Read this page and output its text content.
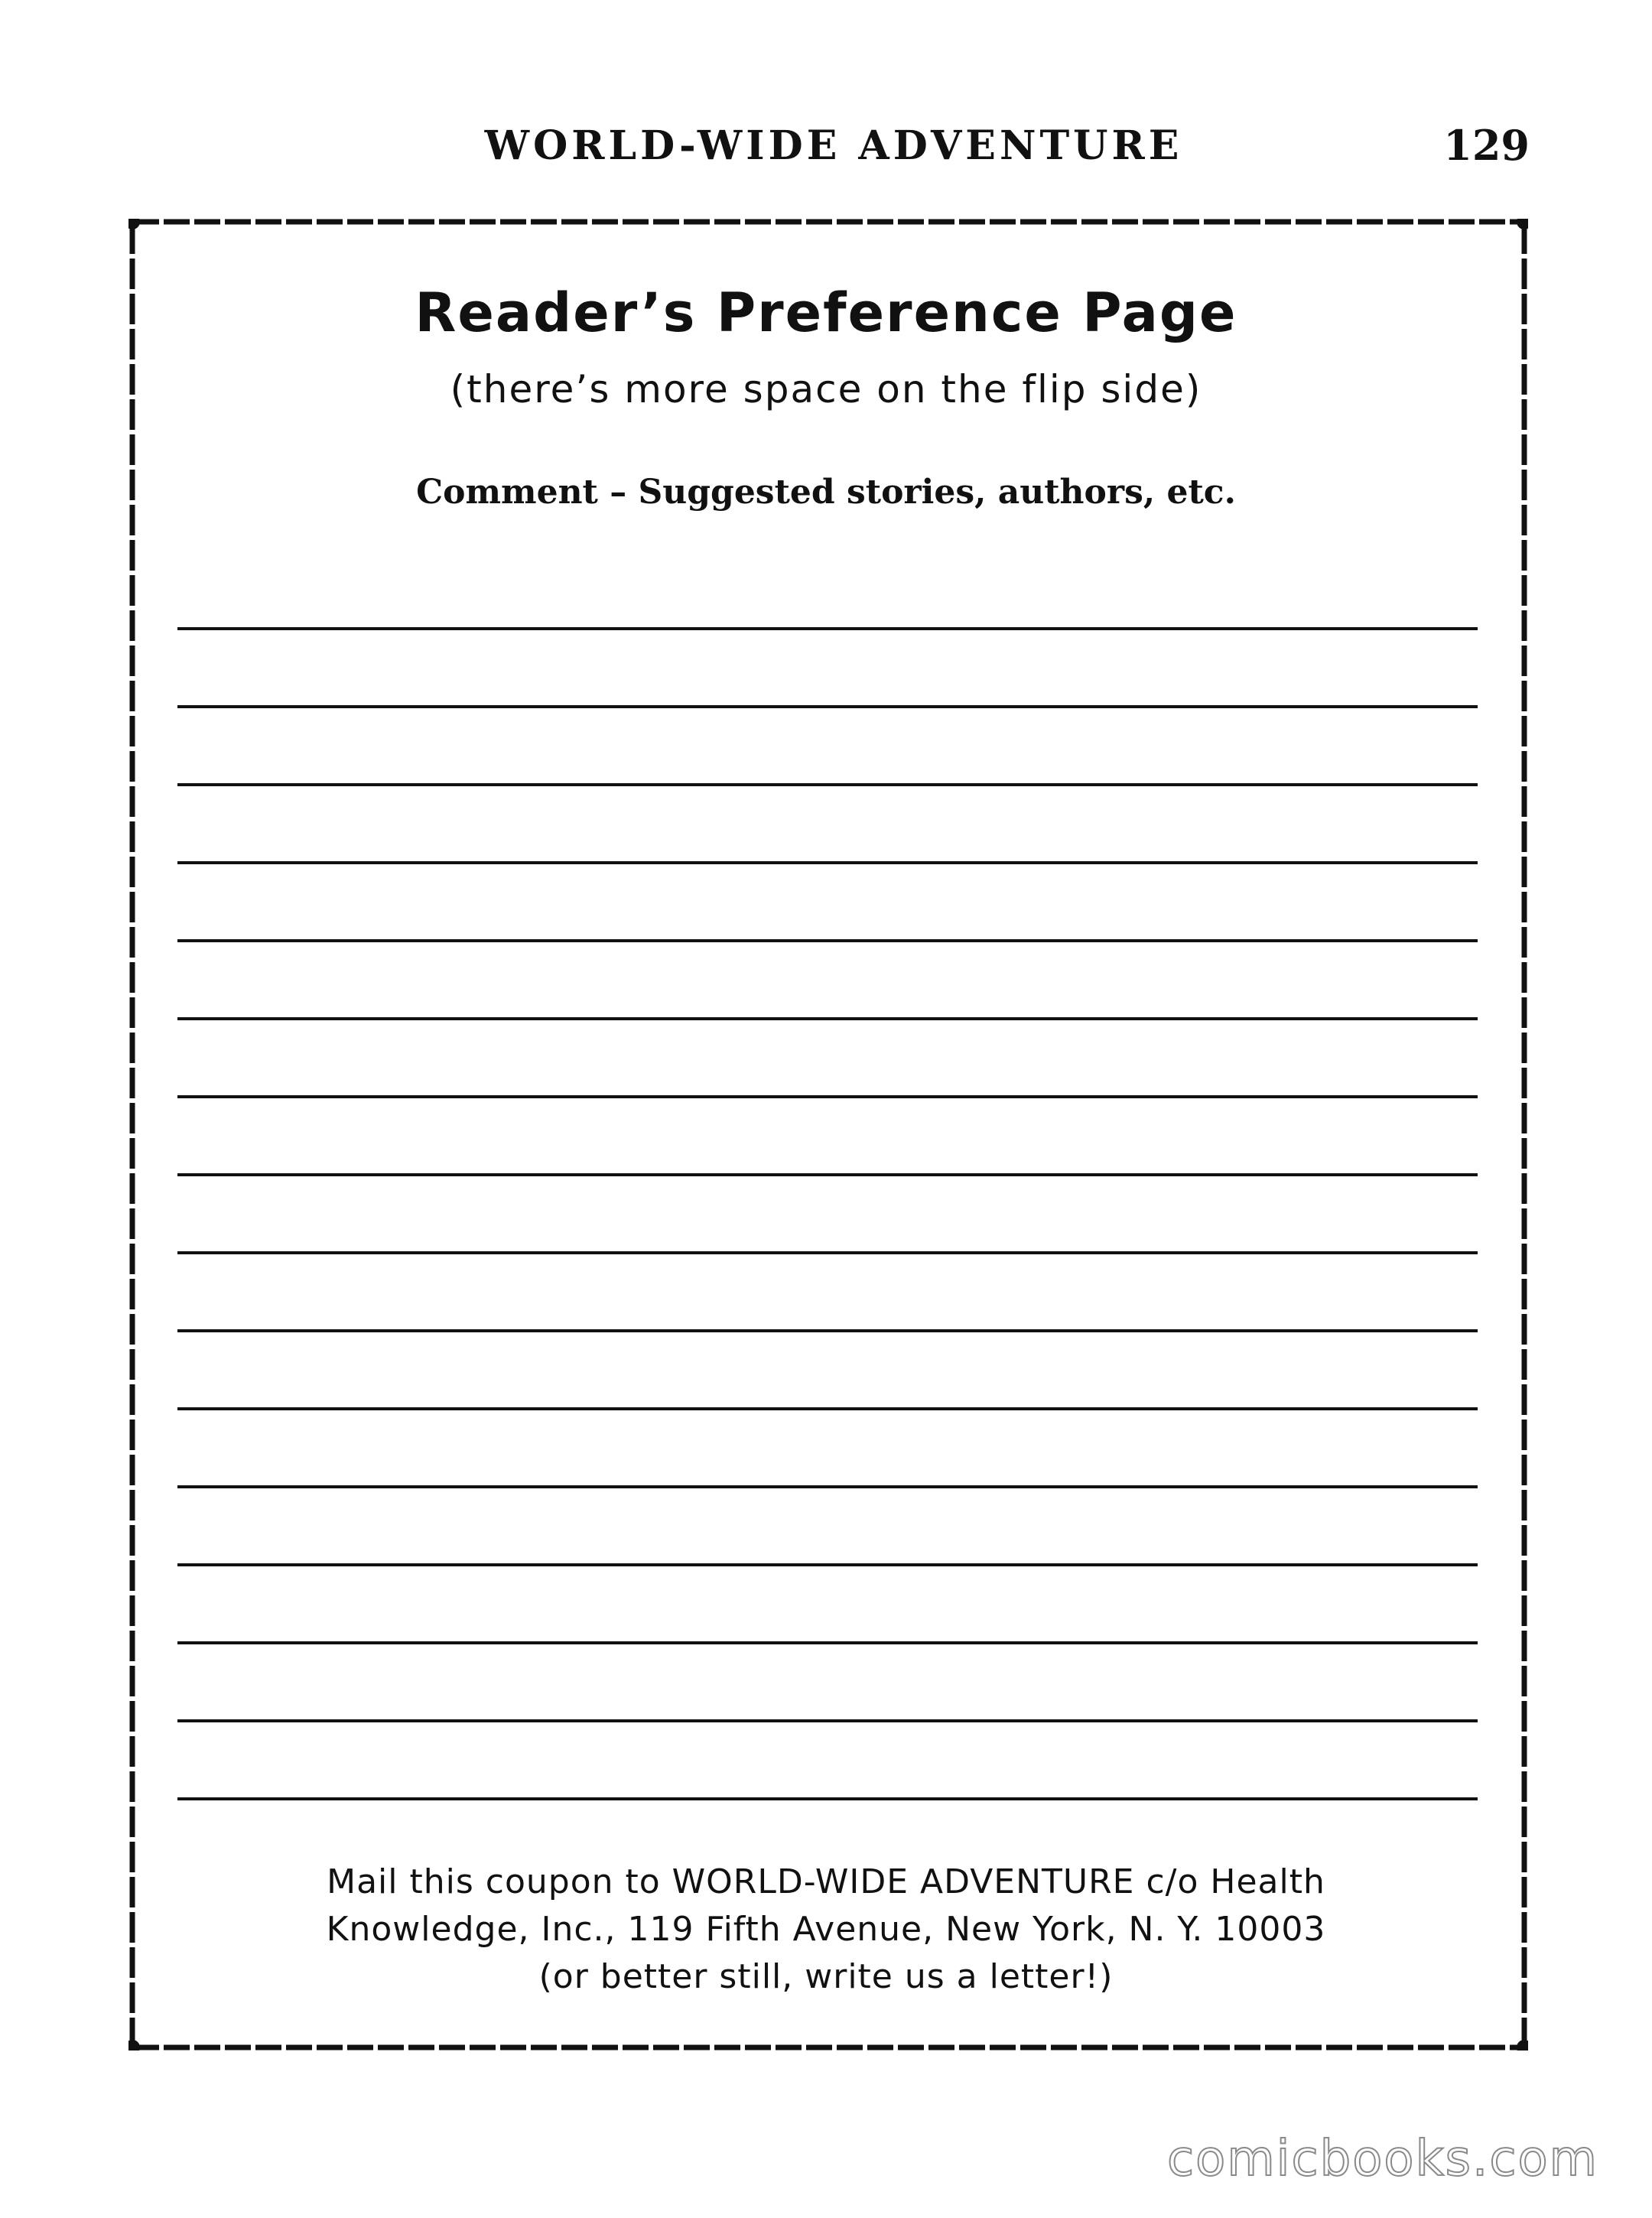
WORLD-WIDE ADVENTURE	129
Reader’s Preference Page
(there’s more space on the flip side)
Comment – Suggested stories, authors, etc.
Mail this coupon to WORLD-WIDE ADVENTURE c/o Health
Knowledge, Inc., 119 Fifth Avenue, New York, N. Y. 10003
(or better still, write us a letter!)
comicbooks.com
